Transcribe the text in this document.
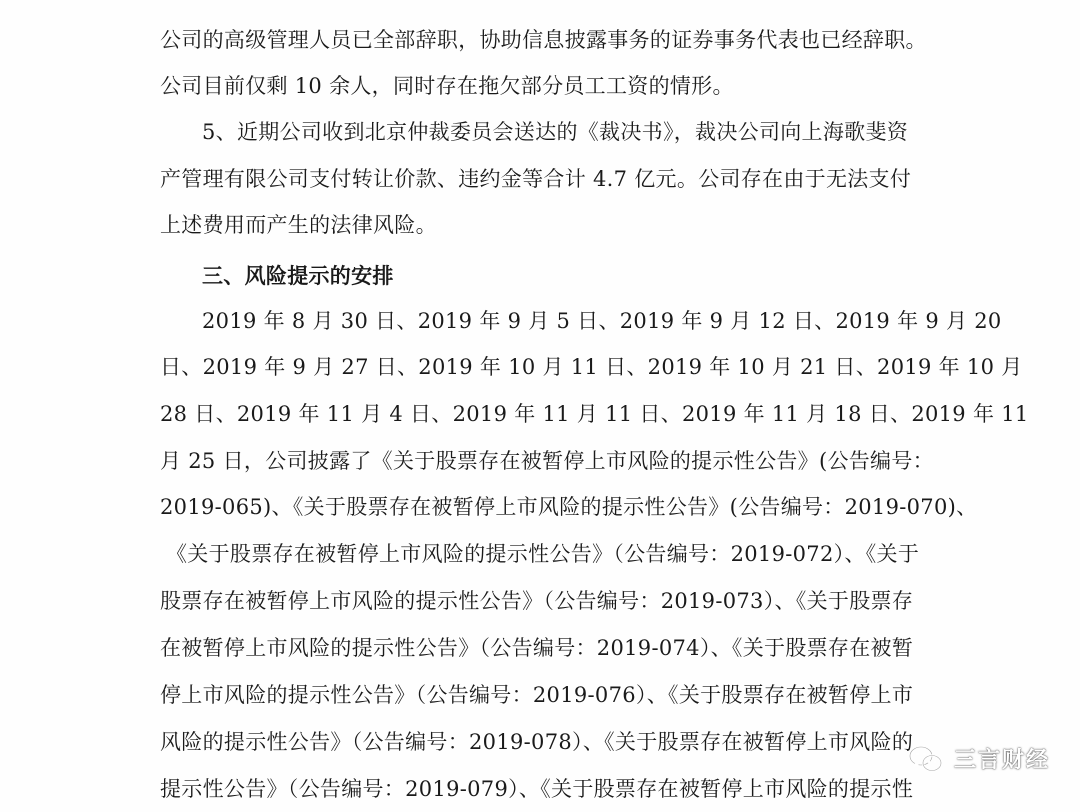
公司的高级管理人员已全部辞职，协助信息披露事务的证券事务代表也已经辞职。
公司目前仅剩 10 余人，同时存在拖欠部分员工工资的情形。
5、近期公司收到北京仲裁委员会送达的《裁决书》，裁决公司向上海歌斐资
产管理有限公司支付转让价款、违约金等合计 4.7 亿元。公司存在由于无法支付
上述费用而产生的法律风险。
三、风险提示的安排
2019 年 8 月 30 日、2019 年 9 月 5 日、2019 年 9 月 12 日、2019 年 9 月 20
日、2019 年 9 月 27 日、2019 年 10 月 11 日、2019 年 10 月 21 日、2019 年 10 月
28 日、2019 年 11 月 4 日、2019 年 11 月 11 日、2019 年 11 月 18 日、2019 年 11
月 25 日，公司披露了《关于股票存在被暂停上市风险的提示性公告》(公告编号：
2019-065)、《关于股票存在被暂停上市风险的提示性公告》(公告编号：2019-070)、
《关于股票存在被暂停上市风险的提示性公告》（公告编号：2019-072）、《关于
股票存在被暂停上市风险的提示性公告》（公告编号：2019-073）、《关于股票存
在被暂停上市风险的提示性公告》（公告编号：2019-074）、《关于股票存在被暂
停上市风险的提示性公告》（公告编号：2019-076）、《关于股票存在被暂停上市
风险的提示性公告》（公告编号：2019-078）、《关于股票存在被暂停上市风险的
提示性公告》（公告编号：2019-079）、《关于股票存在被暂停上市风险的提示性
三言财经
